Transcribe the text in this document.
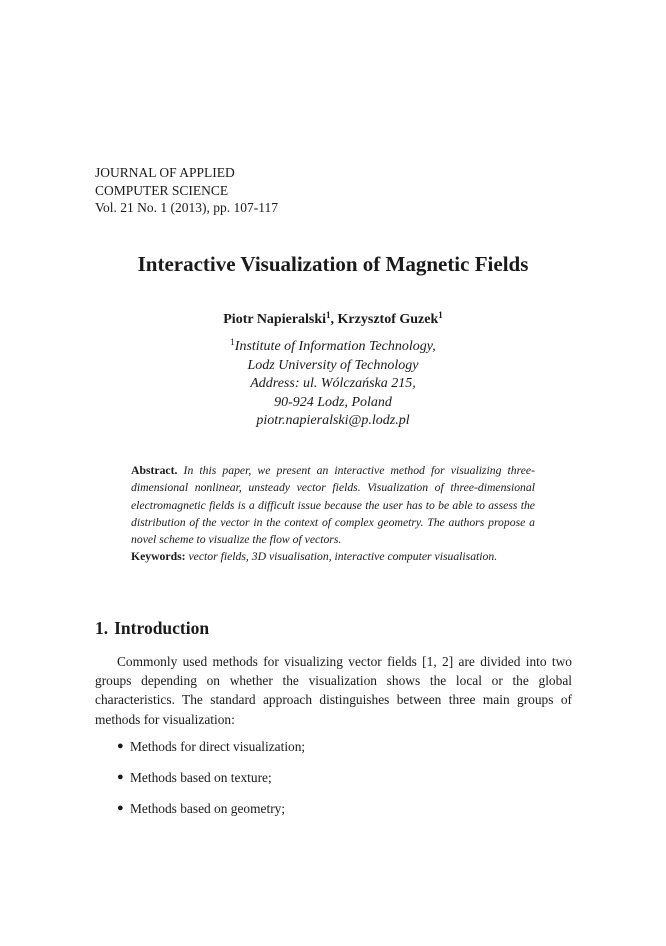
JOURNAL OF APPLIED
COMPUTER SCIENCE
Vol. 21 No. 1 (2013), pp. 107-117
Interactive Visualization of Magnetic Fields
Piotr Napieralski$^1$, Krzysztof Guzek$^1$
$^1$Institute of Information Technology,
Lodz University of Technology
Address: ul. Wólczańska 215,
90-924 Lodz, Poland
piotr.napieralski@p.lodz.pl
Abstract. In this paper, we present an interactive method for visualizing three-dimensional nonlinear, unsteady vector fields. Visualization of three-dimensional electromagnetic fields is a difficult issue because the user has to be able to assess the distribution of the vector in the context of complex geometry. The authors propose a novel scheme to visualize the flow of vectors.
Keywords: vector fields, 3D visualisation, interactive computer visualisation.
1. Introduction
Commonly used methods for visualizing vector fields [1, 2] are divided into two groups depending on whether the visualization shows the local or the global characteristics. The standard approach distinguishes between three main groups of methods for visualization:
● Methods for direct visualization;
● Methods based on texture;
● Methods based on geometry;
